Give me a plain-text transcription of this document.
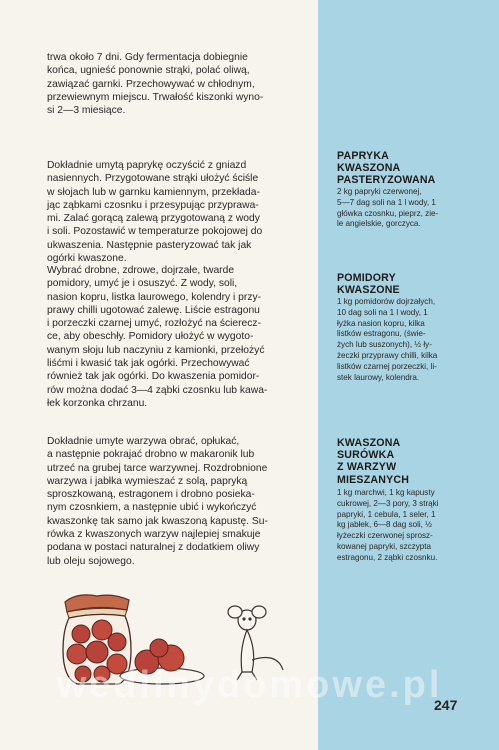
trwa około 7 dni. Gdy fermentacja dobiegnie
końca, ugnieść ponownie strąki, polać oliwą,
zawiązać garnki. Przechowywać w chłodnym,
przewiewnym miejscu. Trwałość kiszonki wyno-
si 2—3 miesiące.

Dokładnie umytą paprykę oczyścić z gniazd
nasiennych. Przygotowane strąki ułożyć ściśle
w słojach lub w garnku kamiennym, przekłada-
jąc ząbkami czosnku i przesypując przyprawa-
mi. Zalać gorącą zalewą przygotowaną z wody
i soli. Pozostawić w temperaturze pokojowej do
ukwaszenia. Następnie pasteryzować tak jak
ogórki kwaszone.

Wybrać drobne, zdrowe, dojrzałe, twarde
pomidory, umyć je i osuszyć. Z wody, soli,
nasion kopru, listka laurowego, kolendry i przy-
prawy chilli ugotować zalewę. Liście estragonu
i porzeczki czarnej umyć, rozłożyć na ścierecz-
ce, aby obeschły. Pomidory ułożyć w wygoto-
wanym słoju lub naczyniu z kamionki, przełożyć
liśćmi i kwasić tak jak ogórki. Przechowywać
również tak jak ogórki. Do kwaszenia pomidor-
rów można dodać 3—4 ząbki czosnku lub kawa-
łek korzonka chrzanu.

Dokładnie umyte warzywa obrać, opłukać,
a następnie pokrajać drobno w makaronik lub
utrzeć na grubej tarce warzywnej. Rozdrobnione
warzywa i jabłka wymieszać z solą, papryką
sproszkowaną, estragonem i drobno posieka-
nym czosnkiem, a następnie ubić i wykończyć
kwaszonkę tak samo jak kwaszoną kapustę. Su-
rówka z kwaszonych warzyw najlepiej smakuje
podana w postaci naturalnej z dodatkiem oliwy
lub oleju sojowego.

PAPRYKA
KWASZONA
PASTERYZOWANA

2 kg papryki czerwonej,
5—7 dag soli na 1 l wody, 1
główka czosnku, pieprz, zie-
le angielskie, gorczyca.

POMIDORY
KWASZONE

1 kg pomidorów dojrzałych,
10 dag soli na 1 l wody, 1
łyżka nasion kopru, kilka
listków estragonu, (świe-
żych lub suszonych), ½ ły-
żeczki przyprawy chilli, kilka
listków czarnej porzeczki, li-
stek laurowy, kolendra.

KWASZONA
SURÓWKA
Z WARZYW
MIESZANYCH

1 kg marchwi, 1 kg kapusty
cukrowej, 2—3 pory, 3 strąki
papryki, 1 cebula, 1 seler, 1
kg jabłek, 6—8 dag soli, ½
łyżeczki czerwonej sprosz-
kowanej papryki, szczypta
estragonu, 2 ząbki czosnku.

wedlinydomowe.pl
247
